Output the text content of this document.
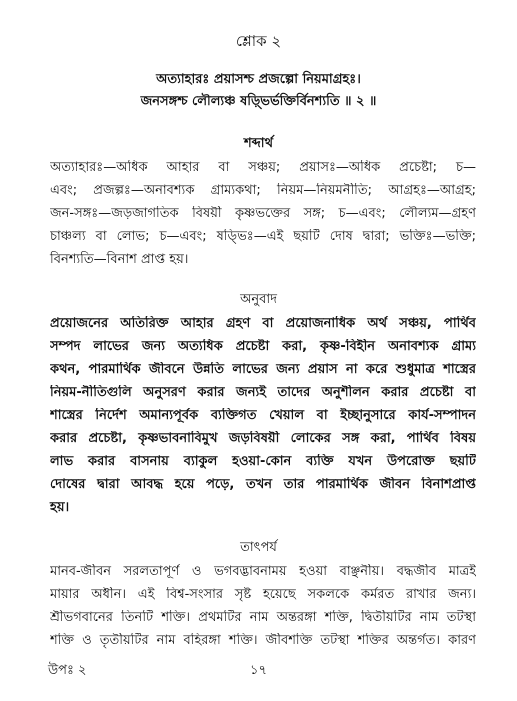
শ্লোক ২
অত্যাহারঃ প্রয়াসশ্চ প্রজল্পো নিয়মাগ্রহঃ।
জনসঙ্গশ্চ লৌল্যঞ্চ ষড়্ভির্ভক্তির্বিনশ্যতি ॥ ২ ॥
শব্দার্থ
অত্যাহারঃ—অধিক আহার বা সঞ্চয়; প্রয়াসঃ—অধিক প্রচেষ্টা; চ—
এবং; প্রজল্পঃ—অনাবশ্যক গ্রাম্যকথা; নিয়ম—নিয়মনীতি; আগ্রহঃ—আগ্রহ;
জন-সঙ্গঃ—জড়জাগতিক বিষয়ী কৃষ্ণভক্তের সঙ্গ; চ—এবং; লৌল্যম—গ্রহণ
চাঞ্চল্য বা লোভ; চ—এবং; ষড্ভিঃ—এই ছয়টি দোষ দ্বারা; ভক্তিঃ—ভক্তি;
বিনশ্যতি—বিনাশ প্রাপ্ত হয়।
অনুবাদ
প্রয়োজনের অতিরিক্ত আহার গ্রহণ বা প্রয়োজনাধিক অর্থ সঞ্চয়, পার্থিব
সম্পদ লাভের জন্য অত্যধিক প্রচেষ্টা করা, কৃষ্ণ-বিহীন অনাবশ্যক গ্রাম্য
কথন, পারমার্থিক জীবনে উন্নতি লাভের জন্য প্রয়াস না করে শুধুমাত্র শাস্ত্রের
নিয়ম-নীতিগুলি অনুসরণ করার জন্যই তাদের অনুশীলন করার প্রচেষ্টা বা
শাস্ত্রের নির্দেশ অমান্যপূর্বক ব্যক্তিগত খেয়াল বা ইচ্ছানুসারে কার্য-সম্পাদন
করার প্রচেষ্টা, কৃষ্ণভাবনাবিমুখ জড়বিষয়ী লোকের সঙ্গ করা, পার্থিব বিষয়
লাভ করার বাসনায় ব্যাকুল হওয়া-কোন ব্যক্তি যখন উপরোক্ত ছয়টি
দোষের দ্বারা আবদ্ধ হয়ে পড়ে, তখন তার পারমার্থিক জীবন বিনাশপ্রাপ্ত
হয়।
তাৎপর্য
মানব-জীবন সরলতাপূর্ণ ও ভগবদ্ভাবনাময় হওয়া বাঞ্ছনীয়। বদ্ধজীব মাত্রই
মায়ার অধীন। এই বিশ্ব-সংসার সৃষ্ট হয়েছে সকলকে কর্মরত রাখার জন্য।
শ্রীভগবানের তিনটি শক্তি। প্রথমটির নাম অন্তরঙ্গা শক্তি, দ্বিতীয়টির নাম তটস্থা
শক্তি ও তৃতীয়টির নাম বহিরঙ্গা শক্তি। জীবশক্তি তটস্থা শক্তির অন্তর্গত। কারণ
উপঃ ২	১৭
